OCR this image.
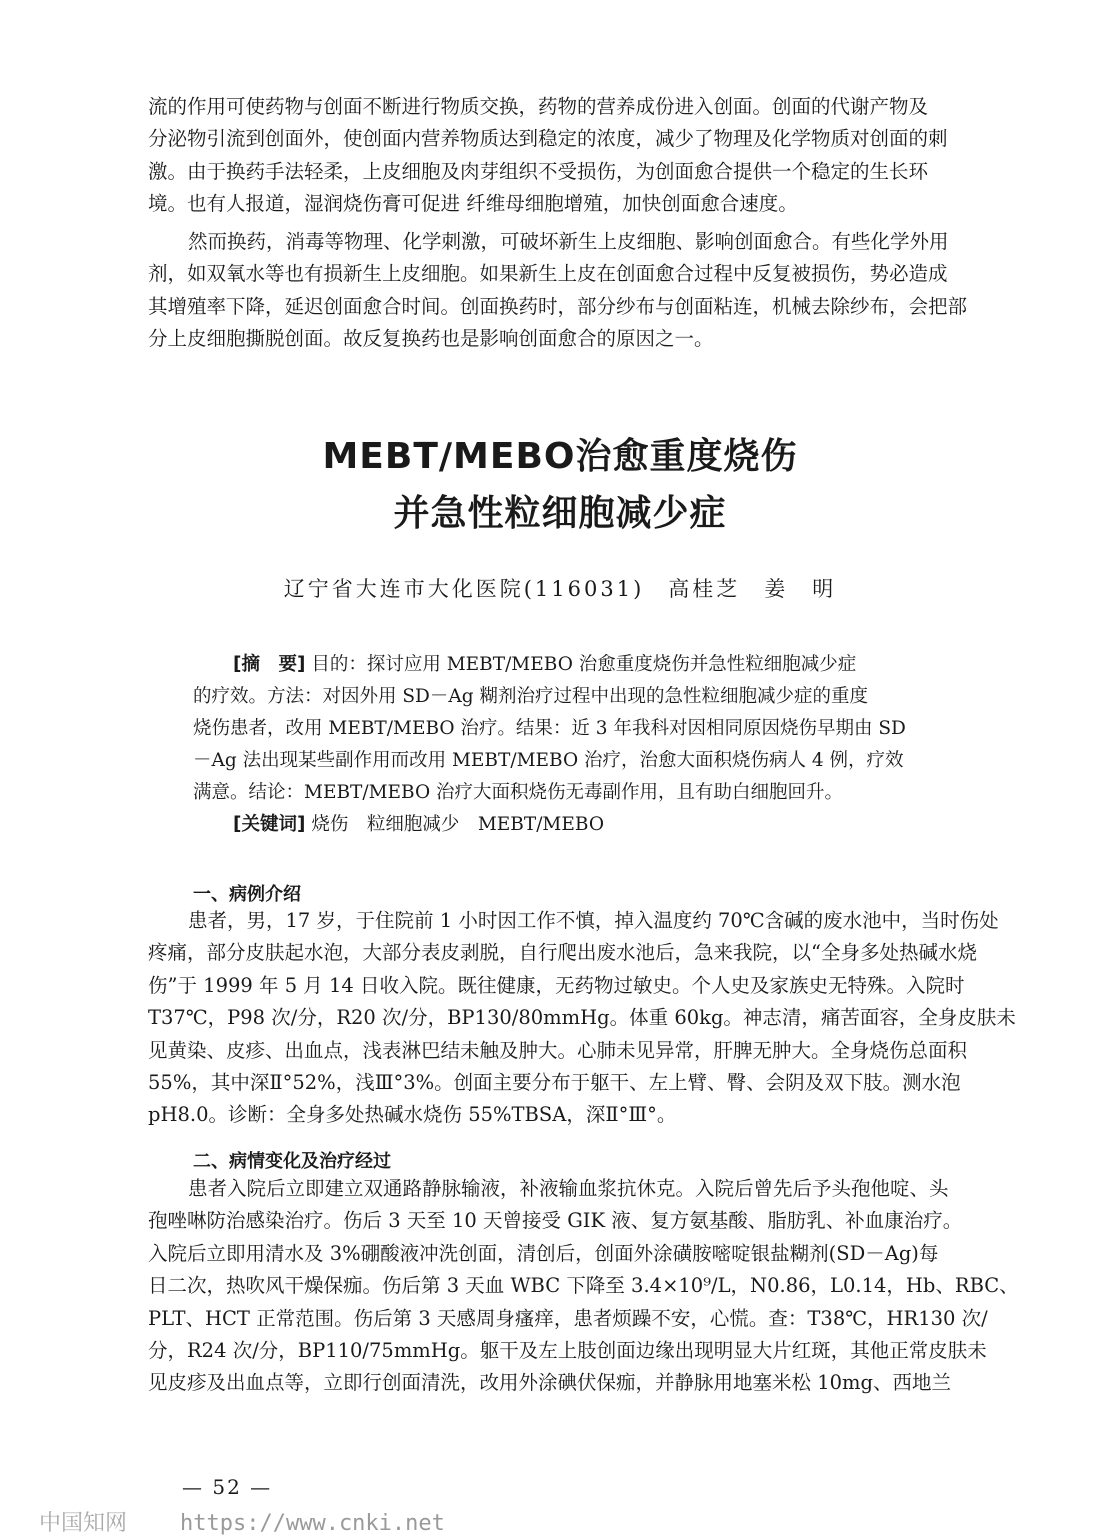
流的作用可使药物与创面不断进行物质交换，药物的营养成份进入创面。创面的代谢产物及
分泌物引流到创面外，使创面内营养物质达到稳定的浓度，减少了物理及化学物质对创面的刺
激。由于换药手法轻柔，上皮细胞及肉芽组织不受损伤，为创面愈合提供一个稳定的生长环
境。也有人报道，湿润烧伤膏可促进 纤维母细胞增殖，加快创面愈合速度。
然而换药，消毒等物理、化学刺激，可破坏新生上皮细胞、影响创面愈合。有些化学外用
剂，如双氧水等也有损新生上皮细胞。如果新生上皮在创面愈合过程中反复被损伤，势必造成
其增殖率下降，延迟创面愈合时间。创面换药时，部分纱布与创面粘连，机械去除纱布，会把部
分上皮细胞撕脱创面。故反复换药也是影响创面愈合的原因之一。
MEBT/MEBO治愈重度烧伤
并急性粒细胞减少症
辽宁省大连市大化医院(116031)　高桂芝　姜　明
[摘　要] 目的：探讨应用 MEBT/MEBO 治愈重度烧伤并急性粒细胞减少症
的疗效。方法：对因外用 SD－Ag 糊剂治疗过程中出现的急性粒细胞减少症的重度
烧伤患者，改用 MEBT/MEBO 治疗。结果：近 3 年我科对因相同原因烧伤早期由 SD
－Ag 法出现某些副作用而改用 MEBT/MEBO 治疗，治愈大面积烧伤病人 4 例，疗效
满意。结论：MEBT/MEBO 治疗大面积烧伤无毒副作用，且有助白细胞回升。
[关键词] 烧伤　粒细胞减少　MEBT/MEBO
一、病例介绍
患者，男，17 岁，于住院前 1 小时因工作不慎，掉入温度约 70℃含碱的废水池中，当时伤处
疼痛，部分皮肤起水泡，大部分表皮剥脱，自行爬出废水池后，急来我院，以“全身多处热碱水烧
伤”于 1999 年 5 月 14 日收入院。既往健康，无药物过敏史。个人史及家族史无特殊。入院时
T37℃，P98 次/分，R20 次/分，BP130/80mmHg。体重 60kg。神志清，痛苦面容，全身皮肤未
见黄染、皮疹、出血点，浅表淋巴结未触及肿大。心肺未见异常，肝脾无肿大。全身烧伤总面积
55%，其中深Ⅱ°52%，浅Ⅲ°3%。创面主要分布于躯干、左上臂、臀、会阴及双下肢。测水泡
pH8.0。诊断：全身多处热碱水烧伤 55%TBSA，深Ⅱ°Ⅲ°。
二、病情变化及治疗经过
患者入院后立即建立双通路静脉输液，补液输血浆抗休克。入院后曾先后予头孢他啶、头
孢唑啉防治感染治疗。伤后 3 天至 10 天曾接受 GIK 液、复方氨基酸、脂肪乳、补血康治疗。
入院后立即用清水及 3%硼酸液冲洗创面，清创后，创面外涂磺胺嘧啶银盐糊剂(SD－Ag)每
日二次，热吹风干燥保痂。伤后第 3 天血 WBC 下降至 3.4×10⁹/L，N0.86，L0.14，Hb、RBC、
PLT、HCT 正常范围。伤后第 3 天感周身瘙痒，患者烦躁不安，心慌。查：T38℃，HR130 次/
分，R24 次/分，BP110/75mmHg。躯干及左上肢创面边缘出现明显大片红斑，其他正常皮肤未
见皮疹及出血点等，立即行创面清洗，改用外涂碘伏保痂，并静脉用地塞米松 10mg、西地兰
— 52 —
中国知网 https://www.cnki.net
